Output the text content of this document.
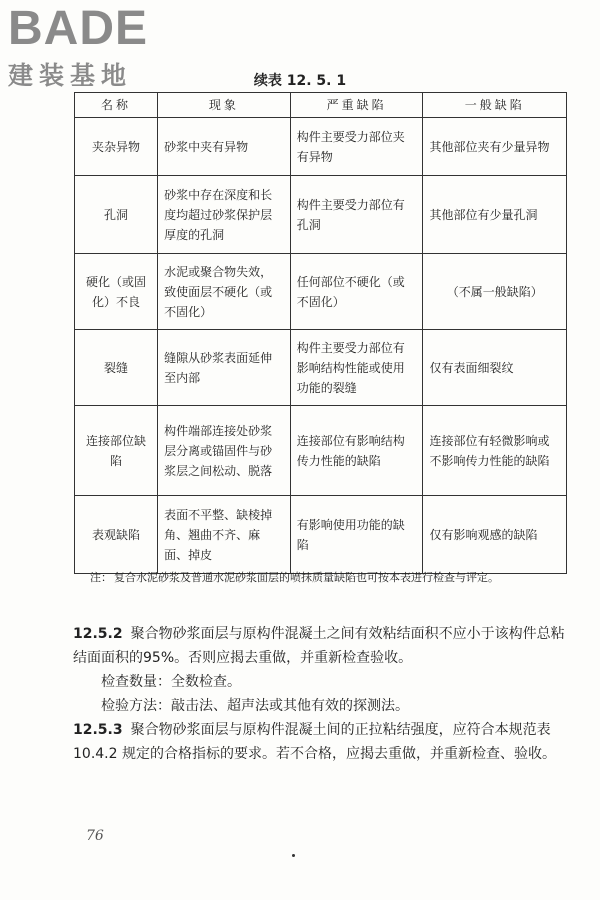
BADE
建装基地	续表 12. 5. 1
名称	现象	严重缺陷	一般缺陷
夹杂异物	砂浆中夹有异物	构件主要受力部位夹有异物	其他部位夹有少量异物
孔洞	砂浆中存在深度和长度均超过砂浆保护层厚度的孔洞	构件主要受力部位有孔洞	其他部位有少量孔洞
硬化（或固化）不良	水泥或聚合物失效，致使面层不硬化（或不固化）	任何部位不硬化（或不固化）	（不属一般缺陷）
裂缝	缝隙从砂浆表面延伸至内部	构件主要受力部位有影响结构性能或使用功能的裂缝	仅有表面细裂纹
连接部位缺陷	构件端部连接处砂浆层分离或锚固件与砂浆层之间松动、脱落	连接部位有影响结构传力性能的缺陷	连接部位有轻微影响或不影响传力性能的缺陷
表观缺陷	表面不平整、缺棱掉角、翘曲不齐、麻面、掉皮	有影响使用功能的缺陷	仅有影响观感的缺陷
注： 复合水泥砂浆及普通水泥砂浆面层的喷抹质量缺陷也可按本表进行检查与评定。

12.5.2 聚合物砂浆面层与原构件混凝土之间有效粘结面积不应小于该构件总粘结面面积的95%。否则应揭去重做，并重新检查验收。

检查数量：全数检查。

检验方法：敲击法、超声法或其他有效的探测法。

12.5.3 聚合物砂浆面层与原构件混凝土间的正拉粘结强度，应符合本规范表 10.4.2 规定的合格指标的要求。若不合格，应揭去重做，并重新检查、验收。

76
